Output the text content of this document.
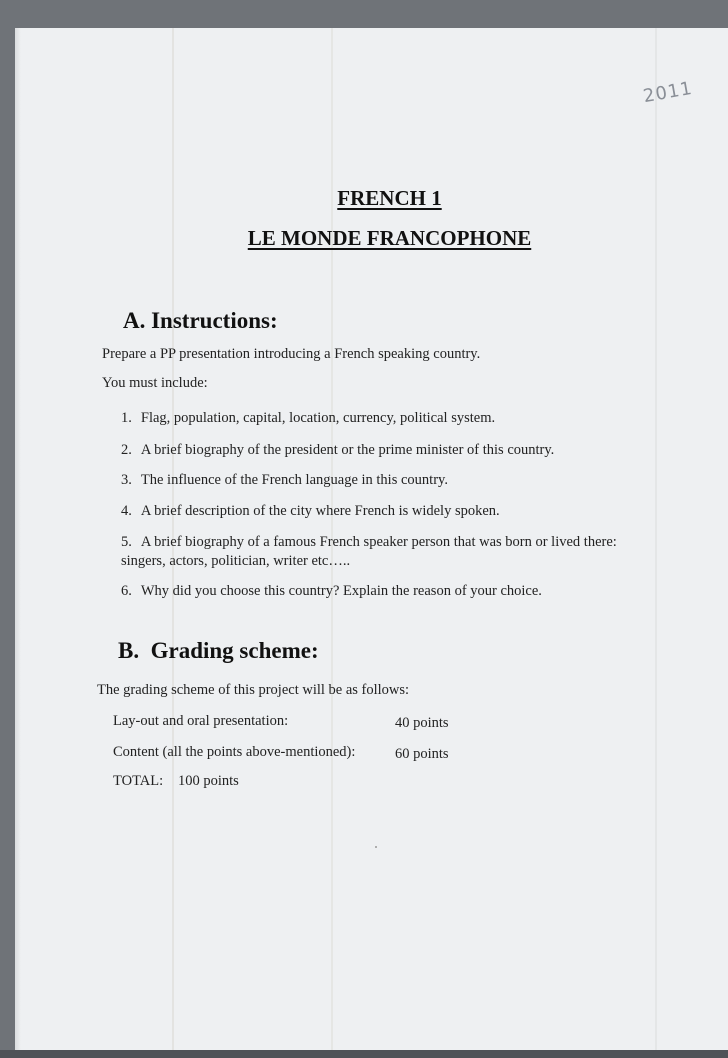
2011
FRENCH 1
LE MONDE FRANCOPHONE
A. Instructions:
Prepare a PP presentation introducing a French speaking country.
You must include:
1. Flag, population, capital, location, currency, political system.
2. A brief biography of the president or the prime minister of this country.
3. The influence of the French language in this country.
4. A brief description of the city where French is widely spoken.
5. A brief biography of a famous French speaker person that was born or lived there:
singers, actors, politician, writer etc…..
6. Why did you choose this country? Explain the reason of your choice.
B.  Grading scheme:
The grading scheme of this project will be as follows:
Lay-out and oral presentation:	40 points
Content (all the points above-mentioned):	60 points
TOTAL: 100 points
